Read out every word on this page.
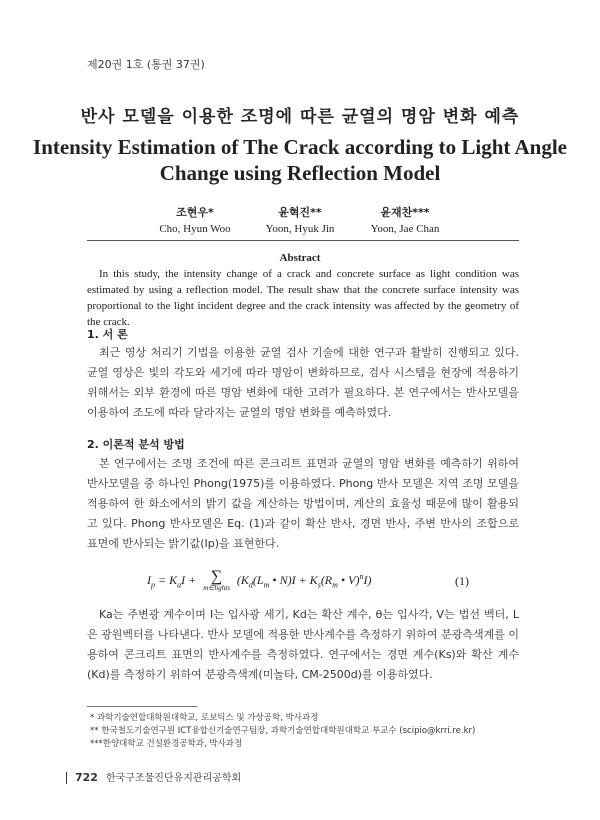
제20권 1호 (통권 37권)
반사 모델을 이용한 조명에 따른 균열의 명암 변화 예측
Intensity Estimation of The Crack according to Light Angle
Change using Reflection Model
조현우*
Cho, Hyun Woo
윤혁진**
Yoon, Hyuk Jin
윤재찬***
Yoon, Jae Chan
Abstract
In this study, the intensity change of a crack and concrete surface as light condition was estimated by using a reflection model. The result shaw that the concrete surface intensity was proportional to the light incident degree and the crack intensity was affected by the geometry of the crack.
1. 서 론
최근 영상 처리기 기법을 이용한 균열 검사 기술에 대한 연구과 활발히 진행되고 있다. 균열 영상은 빛의 각도와 세기에 따라 명암이 변화하므로, 검사 시스템을 현장에 적용하기 위해서는 외부 환경에 따른 명암 변화에 대한 고려가 필요하다. 본 연구에서는 반사모델을 이용하여 조도에 따라 달라지는 균열의 명암 변화를 예측하였다.
2. 이론적 분석 방법
본 연구에서는 조명 조건에 따른 콘크리트 표면과 균열의 명암 변화를 예측하기 위하여 반사모델을 중 하나인 Phong(1975)를 이용하였다. Phong 반사 모델은 지역 조명 모델을 적용하여 한 화소에서의 밝기 값을 계산하는 방법이며, 계산의 효율성 때문에 많이 활용되고 있다. Phong 반사모델은 Eq. (1)과 같이 확산 반사, 경면 반사, 주변 반사의 조합으로 표면에 반사되는 밝기값(Ip)을 표현한다.
$I_p = K_aI$ + ∑
m∈lights
($K_d(L_m$ • $N)I + K_s(R_m$ • V)$^n$I)	(1)
Ka는 주변광 계수이며 I는 입사광 세기, Kd는 확산 계수, θ는 입사각, V는 법선 벡터, L은 광원벡터를 나타낸다. 반사 모델에 적용한 반사계수를 측정하기 위하여 분광측색계를 이용하여 콘크리트 표면의 반사계수를 측정하였다. 연구에서는 경면 계수(Ks)와 확산 계수(Kd)를 측정하기 위하여 분광측색계(미놀타, CM-2500d)를 이용하였다.
* 과학기술연합대학원대학교, 로보틱스 및 가상공학, 박사과정
** 한국철도기술연구원 ICT융합신기술연구팀장, 과학기술연합대학원대학교 부교수 (scipio@krri.re.kr)
***한양대학교 건설환경공학과, 박사과정
722 한국구조물진단유지관리공학회
